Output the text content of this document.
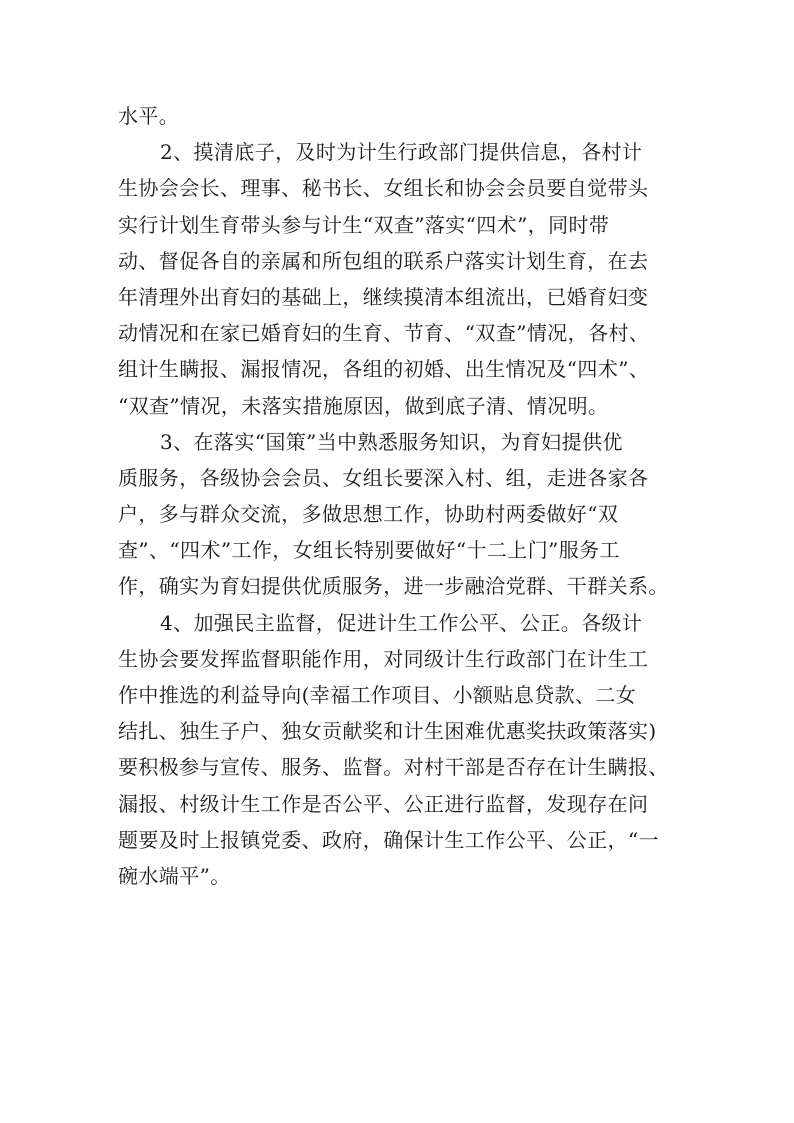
水平。
2、摸清底子，及时为计生行政部门提供信息，各村计
生协会会长、理事、秘书长、女组长和协会会员要自觉带头
实行计划生育带头参与计生“双查”落实“四术”，同时带
动、督促各自的亲属和所包组的联系户落实计划生育，在去
年清理外出育妇的基础上，继续摸清本组流出，已婚育妇变
动情况和在家已婚育妇的生育、节育、“双查”情况，各村、
组计生瞒报、漏报情况，各组的初婚、出生情况及“四术”、
“双查”情况，未落实措施原因，做到底子清、情况明。
3、在落实“国策”当中熟悉服务知识，为育妇提供优
质服务，各级协会会员、女组长要深入村、组，走进各家各
户，多与群众交流，多做思想工作，协助村两委做好“双
查”、“四术”工作，女组长特别要做好“十二上门”服务工
作，确实为育妇提供优质服务，进一步融洽党群、干群关系。
4、加强民主监督，促进计生工作公平、公正。各级计
生协会要发挥监督职能作用，对同级计生行政部门在计生工
作中推选的利益导向(幸福工作项目、小额贴息贷款、二女
结扎、独生子户、独女贡献奖和计生困难优惠奖扶政策落实)
要积极参与宣传、服务、监督。对村干部是否存在计生瞒报、
漏报、村级计生工作是否公平、公正进行监督，发现存在问
题要及时上报镇党委、政府，确保计生工作公平、公正，“一
碗水端平”。
